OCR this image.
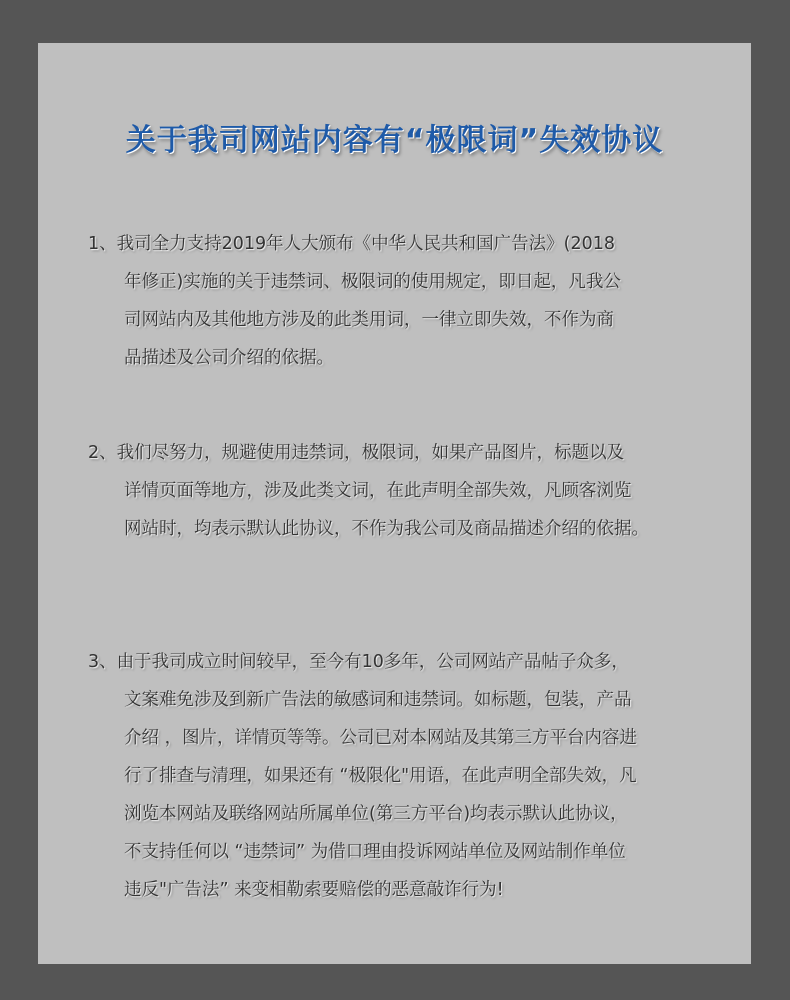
关于我司网站内容有“极限词”失效协议
1、我司全力支持2019年人大颁布《中华人民共和国广告法》(2018
年修正)实施的关于违禁词、极限词的使用规定，即日起，凡我公
司网站内及其他地方涉及的此类用词，一律立即失效，不作为商
品描述及公司介绍的依据。
2、我们尽努力，规避使用违禁词，极限词，如果产品图片，标题以及
详情页面等地方，涉及此类文词，在此声明全部失效，凡顾客浏览
网站时，均表示默认此协议，不作为我公司及商品描述介绍的依据。
3、由于我司成立时间较早，至今有10多年，公司网站产品帖子众多，
文案难免涉及到新广告法的敏感词和违禁词。如标题，包装，产品
介绍 ，图片，详情页等等。公司已对本网站及其第三方平台内容进
行了排查与清理，如果还有 “极限化"用语，在此声明全部失效，凡
浏览本网站及联络网站所属单位(第三方平台)均表示默认此协议，
不支持任何以 “违禁词” 为借口理由投诉网站单位及网站制作单位
违反"广告法” 来变相勒索要赔偿的恶意敲诈行为!
